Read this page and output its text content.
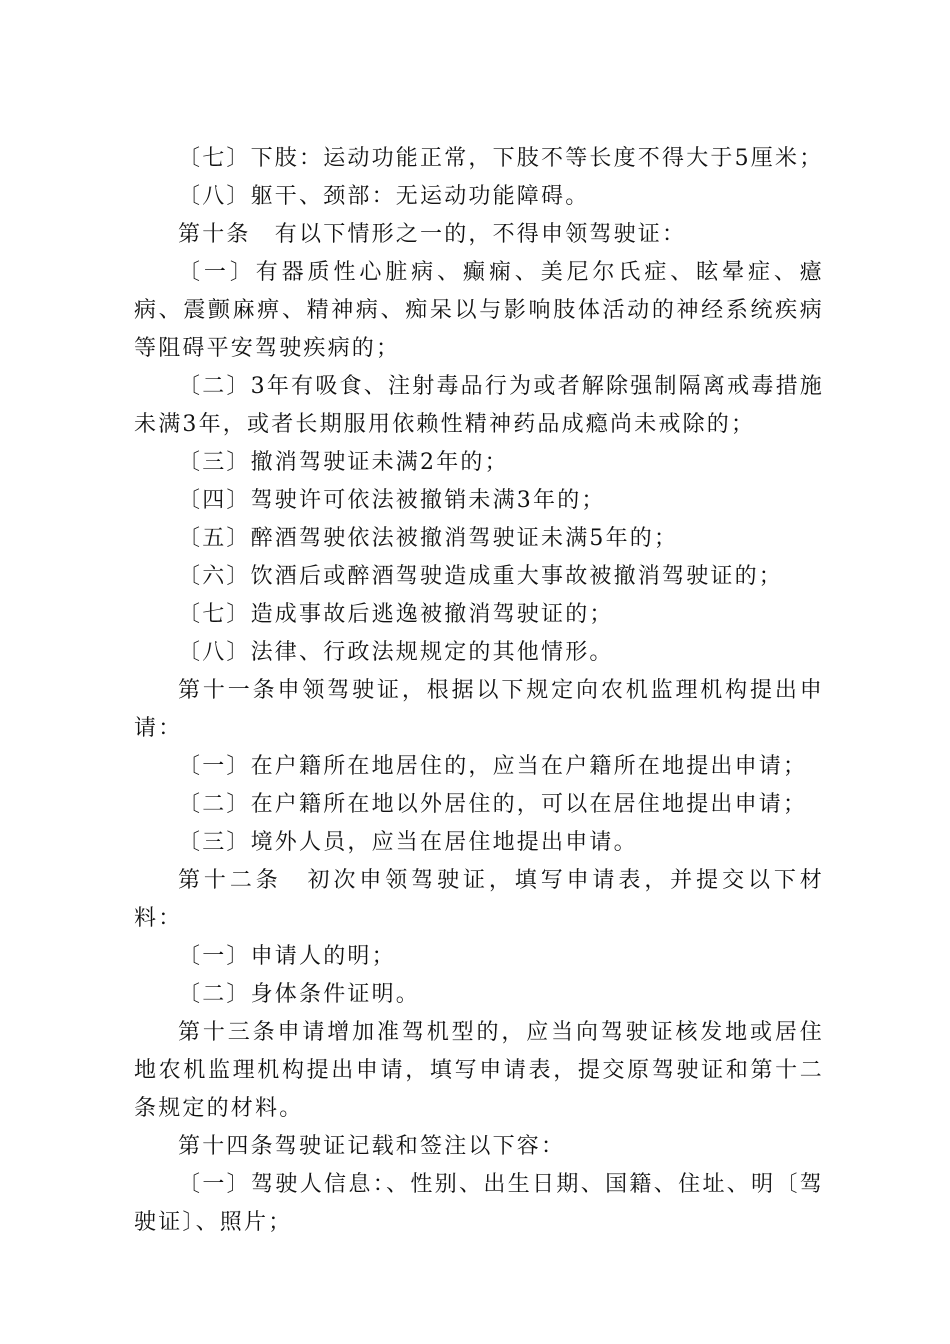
〔七〕下肢：运动功能正常，下肢不等长度不得大于5厘米；

〔八〕躯干、颈部：无运动功能障碍。

第十条　有以下情形之一的，不得申领驾驶证：

〔一〕有器质性心脏病、癫痫、美尼尔氏症、眩晕症、癔病、震颤麻痹、精神病、痴呆以与影响肢体活动的神经系统疾病等阻碍平安驾驶疾病的；

〔二〕3年有吸食、注射毒品行为或者解除强制隔离戒毒措施未满3年，或者长期服用依赖性精神药品成瘾尚未戒除的；

〔三〕撤消驾驶证未满2年的；

〔四〕驾驶许可依法被撤销未满3年的；

〔五〕醉酒驾驶依法被撤消驾驶证未满5年的；

〔六〕饮酒后或醉酒驾驶造成重大事故被撤消驾驶证的；

〔七〕造成事故后逃逸被撤消驾驶证的；

〔八〕法律、行政法规规定的其他情形。

第十一条申领驾驶证，根据以下规定向农机监理机构提出申请：

〔一〕在户籍所在地居住的，应当在户籍所在地提出申请；

〔二〕在户籍所在地以外居住的，可以在居住地提出申请；

〔三〕境外人员，应当在居住地提出申请。

第十二条　初次申领驾驶证，填写申请表，并提交以下材料：

〔一〕申请人的明；

〔二〕身体条件证明。

第十三条申请增加准驾机型的，应当向驾驶证核发地或居住地农机监理机构提出申请，填写申请表，提交原驾驶证和第十二条规定的材料。

第十四条驾驶证记载和签注以下容：

〔一〕驾驶人信息：、性别、出生日期、国籍、住址、明〔驾驶证〕、照片；
